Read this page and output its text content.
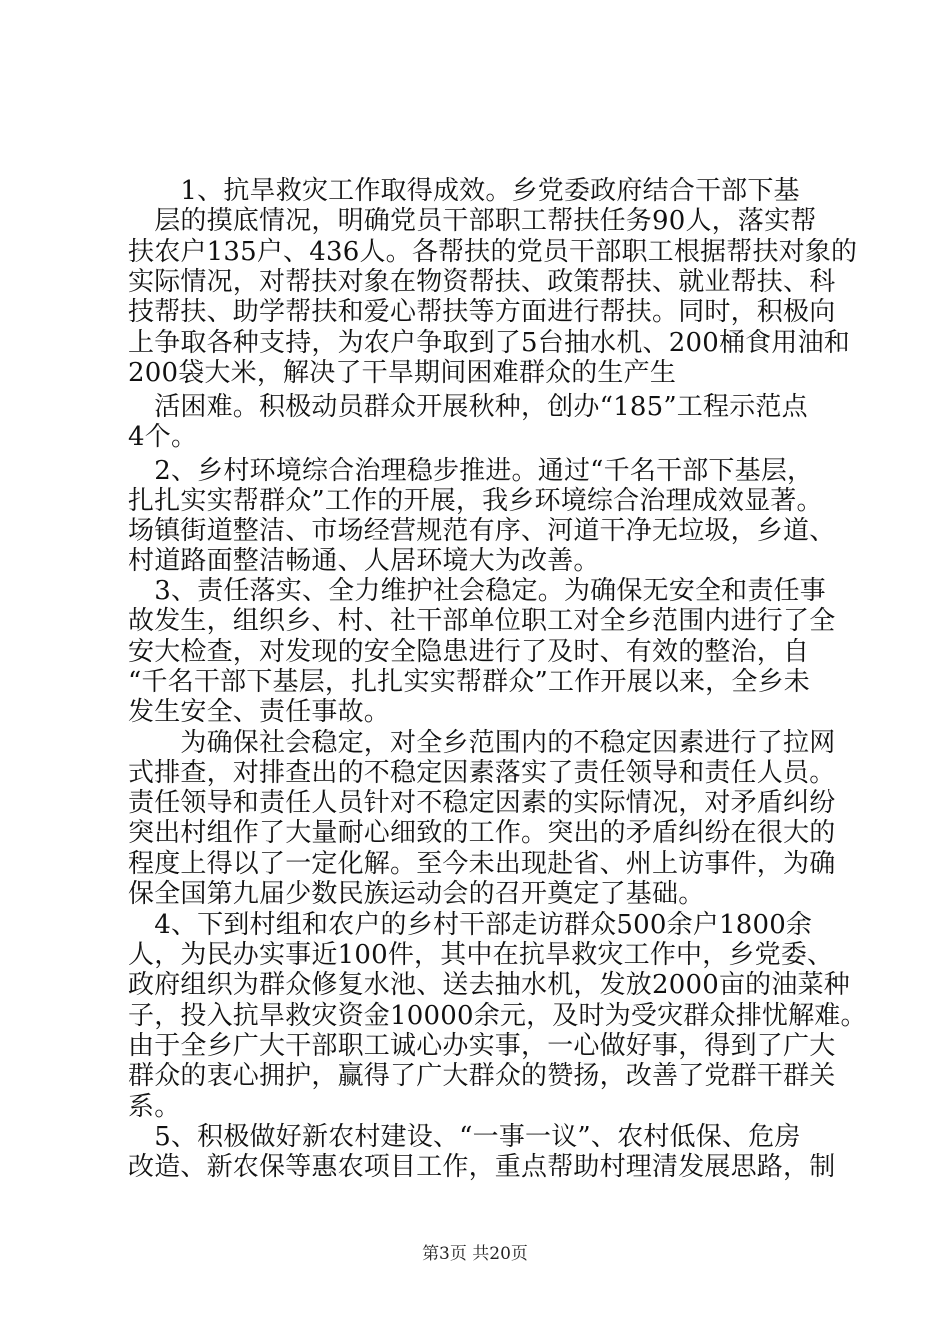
　　1、抗旱救灾工作取得成效。乡党委政府结合干部下基
　层的摸底情况，明确党员干部职工帮扶任务90人，落实帮
扶农户135户、436人。各帮扶的党员干部职工根据帮扶对象的
实际情况，对帮扶对象在物资帮扶、政策帮扶、就业帮扶、科
技帮扶、助学帮扶和爱心帮扶等方面进行帮扶。同时，积极向
上争取各种支持，为农户争取到了5台抽水机、200桶食用油和
200袋大米，解决了干旱期间困难群众的生产生
　活困难。积极动员群众开展秋种，创办“185”工程示范点
4个。
　2、乡村环境综合治理稳步推进。通过“千名干部下基层，
扎扎实实帮群众”工作的开展，我乡环境综合治理成效显著。
场镇街道整洁、市场经营规范有序、河道干净无垃圾，乡道、
村道路面整洁畅通、人居环境大为改善。
　3、责任落实、全力维护社会稳定。为确保无安全和责任事
故发生，组织乡、村、社干部单位职工对全乡范围内进行了全
安大检查，对发现的安全隐患进行了及时、有效的整治，自
“千名干部下基层，扎扎实实帮群众”工作开展以来，全乡未
发生安全、责任事故。
　　为确保社会稳定，对全乡范围内的不稳定因素进行了拉网
式排查，对排查出的不稳定因素落实了责任领导和责任人员。
责任领导和责任人员针对不稳定因素的实际情况，对矛盾纠纷
突出村组作了大量耐心细致的工作。突出的矛盾纠纷在很大的
程度上得以了一定化解。至今未出现赴省、州上访事件，为确
保全国第九届少数民族运动会的召开奠定了基础。
　4、下到村组和农户的乡村干部走访群众500余户1800余
人，为民办实事近100件，其中在抗旱救灾工作中，乡党委、
政府组织为群众修复水池、送去抽水机，发放2000亩的油菜种
子，投入抗旱救灾资金10000余元，及时为受灾群众排忧解难。
由于全乡广大干部职工诚心办实事，一心做好事，得到了广大
群众的衷心拥护，赢得了广大群众的赞扬，改善了党群干群关
系。
　5、积极做好新农村建设、“一事一议”、农村低保、危房
改造、新农保等惠农项目工作，重点帮助村理清发展思路，制
第3页 共20页
